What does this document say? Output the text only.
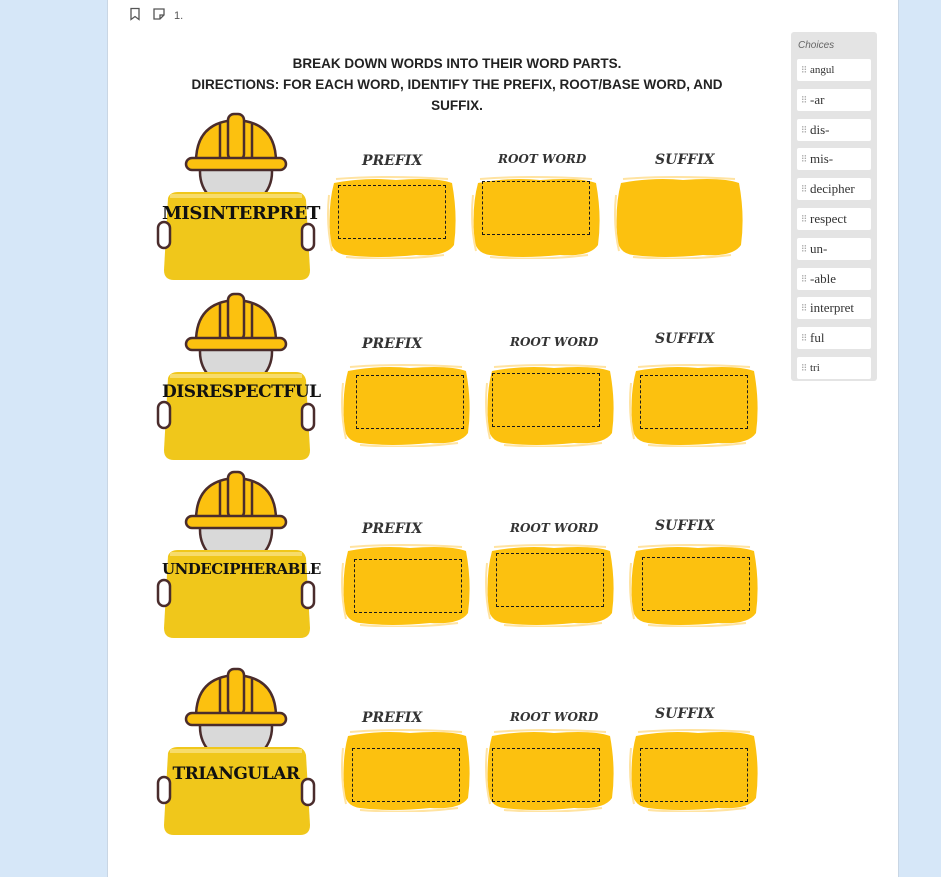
1.
BREAK DOWN WORDS INTO THEIR WORD PARTS.
DIRECTIONS: FOR EACH WORD, IDENTIFY THE PREFIX, ROOT/BASE WORD, AND
SUFFIX.
MISINTERPRET
PREFIX	ROOT WORD	SUFFIX
DISRESPECTFUL
PREFIX	ROOT WORD	SUFFIX
UNDECIPHERABLE
PREFIX	ROOT WORD	SUFFIX
TRIANGULAR
PREFIX	ROOT WORD	SUFFIX
Choices
⠿ angul
⠿ -ar
⠿ dis-
⠿ mis-
⠿ decipher
⠿ respect
⠿ un-
⠿ -able
⠿ interpret
⠿ ful
⠿ tri
